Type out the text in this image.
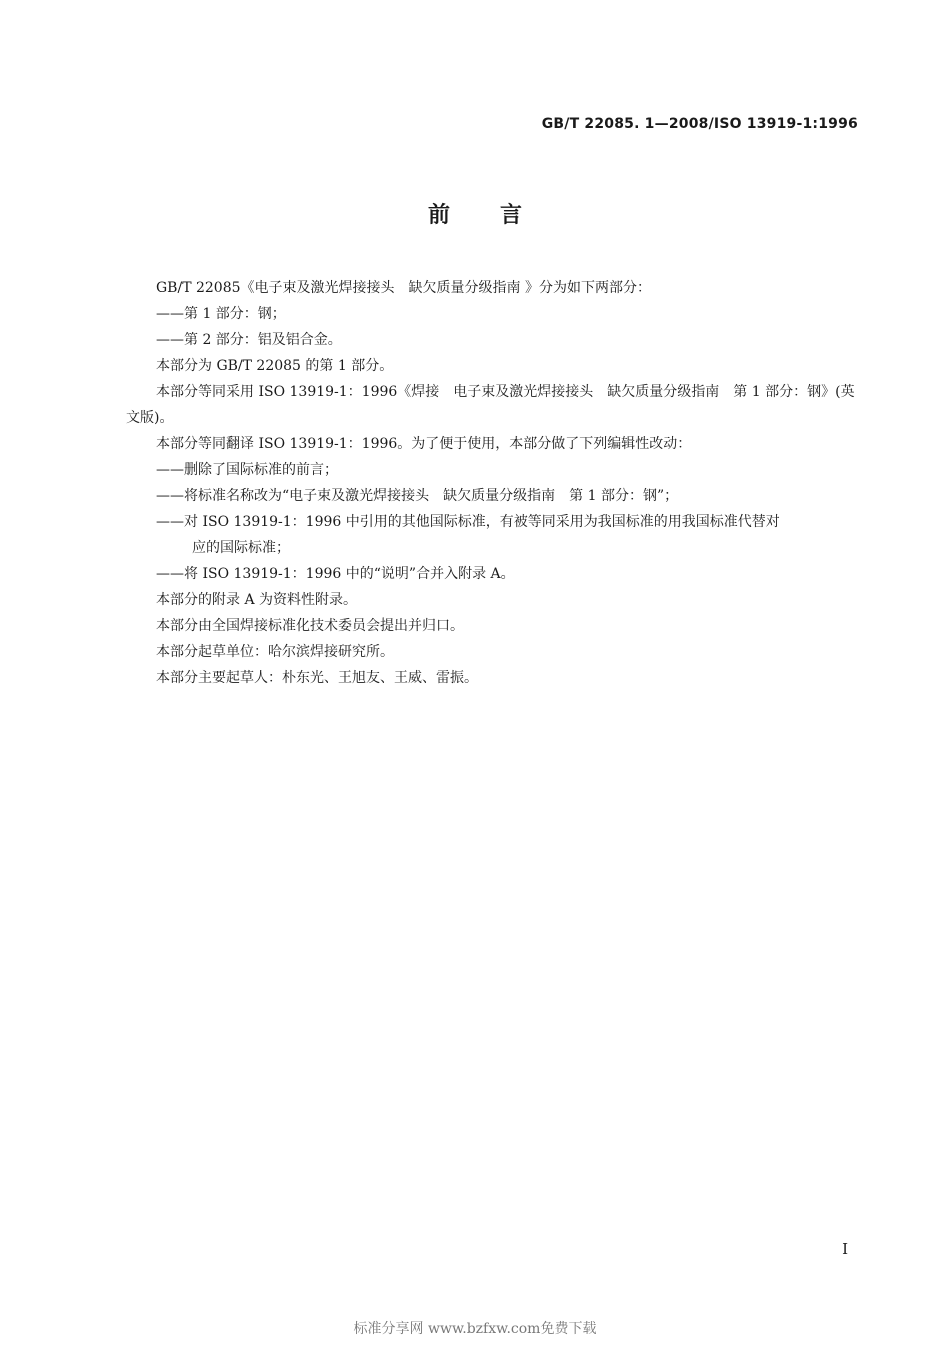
GB/T 22085. 1—2008/ISO 13919-1:1996
前言

GB/T 22085《电子束及激光焊接接头　缺欠质量分级指南 》分为如下两部分：

——第 1 部分：钢；

——第 2 部分：铝及铝合金。

本部分为 GB/T 22085 的第 1 部分。

本部分等同采用 ISO 13919-1：1996《焊接　电子束及激光焊接接头　缺欠质量分级指南　第 1 部分：钢》(英文版)。

本部分等同翻译 ISO 13919-1：1996。为了便于使用，本部分做了下列编辑性改动：

——删除了国际标准的前言；

——将标准名称改为“电子束及激光焊接接头　缺欠质量分级指南　第 1 部分：钢”；

——对 ISO 13919-1：1996 中引用的其他国际标准，有被等同采用为我国标准的用我国标准代替对
应的国际标准；

——将 ISO 13919-1：1996 中的“说明”合并入附录 A。

本部分的附录 A 为资料性附录。

本部分由全国焊接标准化技术委员会提出并归口。

本部分起草单位：哈尔滨焊接研究所。

本部分主要起草人：朴东光、王旭友、王威、雷振。

I
标准分享网 www.bzfxw.com免费下载
